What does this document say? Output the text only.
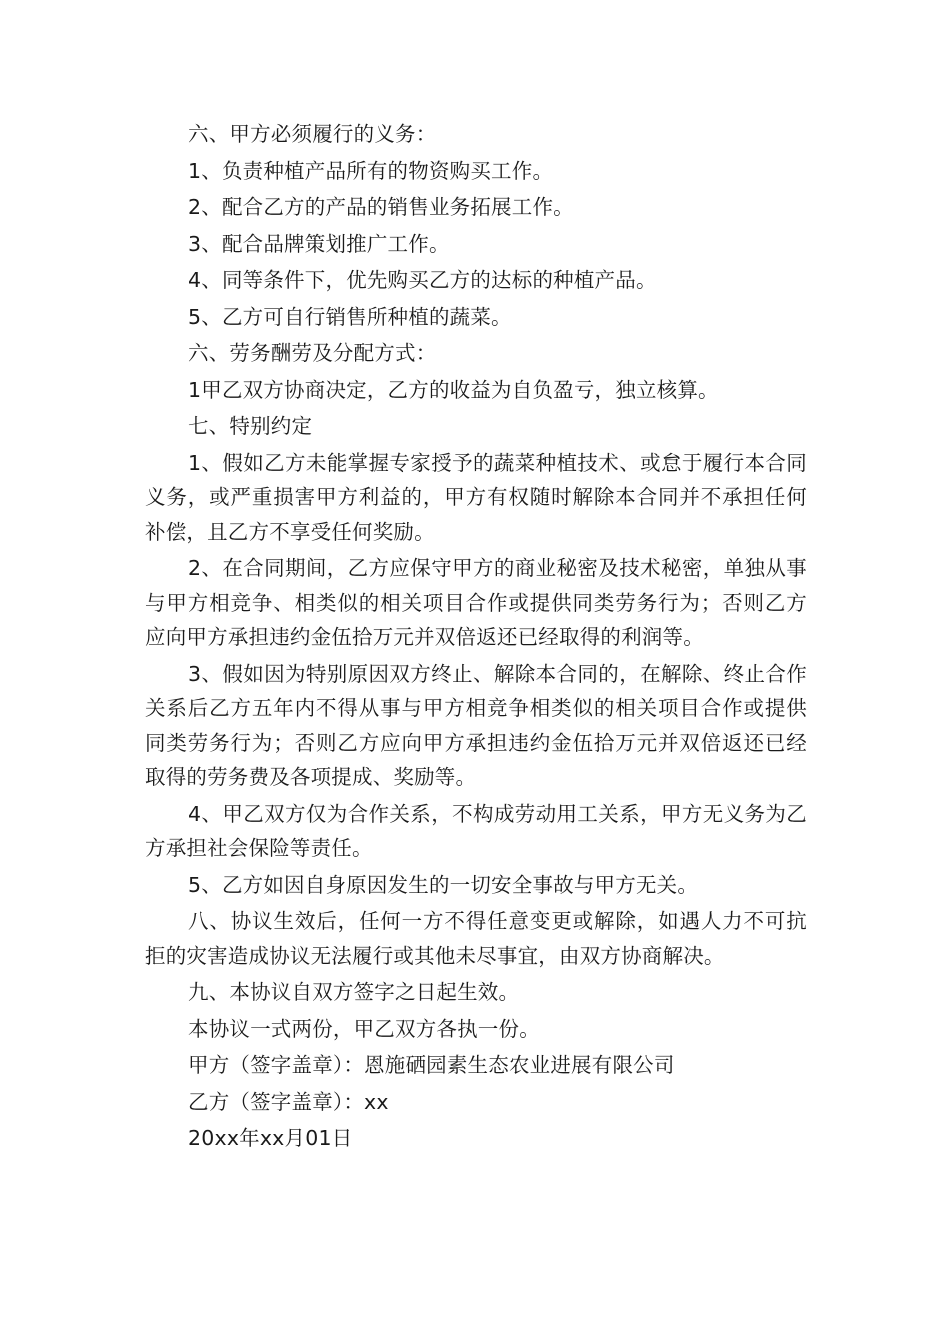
六、甲方必须履行的义务：

1、负责种植产品所有的物资购买工作。

2、配合乙方的产品的销售业务拓展工作。

3、配合品牌策划推广工作。

4、同等条件下，优先购买乙方的达标的种植产品。

5、乙方可自行销售所种植的蔬菜。

六、劳务酬劳及分配方式：

1甲乙双方协商决定，乙方的收益为自负盈亏，独立核算。

七、特别约定

1、假如乙方未能掌握专家授予的蔬菜种植技术、或怠于履行本合同义务，或严重损害甲方利益的，甲方有权随时解除本合同并不承担任何补偿，且乙方不享受任何奖励。

2、在合同期间，乙方应保守甲方的商业秘密及技术秘密，单独从事与甲方相竞争、相类似的相关项目合作或提供同类劳务行为；否则乙方应向甲方承担违约金伍拾万元并双倍返还已经取得的利润等。

3、假如因为特别原因双方终止、解除本合同的，在解除、终止合作关系后乙方五年内不得从事与甲方相竞争相类似的相关项目合作或提供同类劳务行为；否则乙方应向甲方承担违约金伍拾万元并双倍返还已经取得的劳务费及各项提成、奖励等。

4、甲乙双方仅为合作关系，不构成劳动用工关系，甲方无义务为乙方承担社会保险等责任。

5、乙方如因自身原因发生的一切安全事故与甲方无关。

八、协议生效后，任何一方不得任意变更或解除，如遇人力不可抗拒的灾害造成协议无法履行或其他未尽事宜，由双方协商解决。

九、本协议自双方签字之日起生效。

本协议一式两份，甲乙双方各执一份。

甲方（签字盖章）：恩施硒园素生态农业进展有限公司

乙方（签字盖章）：xx

20xx年xx月01日
